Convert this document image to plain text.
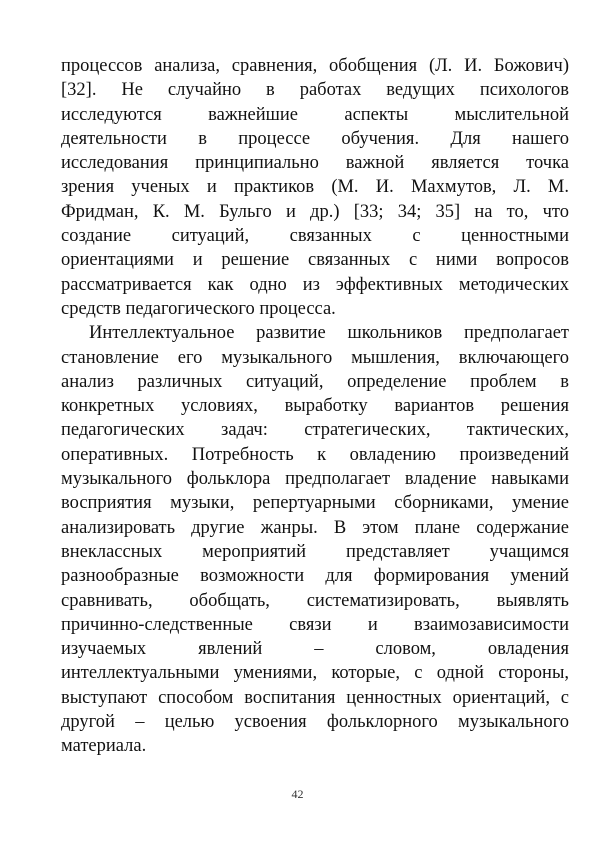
процессов анализа, сравнения, обобщения (Л. И. Божович)
[32]. Не случайно в работах ведущих психологов
исследуются важнейшие аспекты мыслительной
деятельности в процессе обучения. Для нашего
исследования принципиально важной является точка
зрения ученых и практиков (М. И. Махмутов, Л. М.
Фридман, К. М. Бульго и др.) [33; 34; 35] на то, что
создание ситуаций, связанных с ценностными
ориентациями и решение связанных с ними вопросов
рассматривается как одно из эффективных методических
средств педагогического процесса.
Интеллектуальное развитие школьников предполагает
становление его музыкального мышления, включающего
анализ различных ситуаций, определение проблем в
конкретных условиях, выработку вариантов решения
педагогических задач: стратегических, тактических,
оперативных. Потребность к овладению произведений
музыкального фольклора предполагает владение навыками
восприятия музыки, репертуарными сборниками, умение
анализировать другие жанры. В этом плане содержание
внеклассных мероприятий представляет учащимся
разнообразные возможности для формирования умений
сравнивать, обобщать, систематизировать, выявлять
причинно-следственные связи и взаимозависимости
изучаемых явлений – словом, овладения
интеллектуальными умениями, которые, с одной стороны,
выступают способом воспитания ценностных ориентаций, с
другой – целью усвоения фольклорного музыкального
материала.
42
